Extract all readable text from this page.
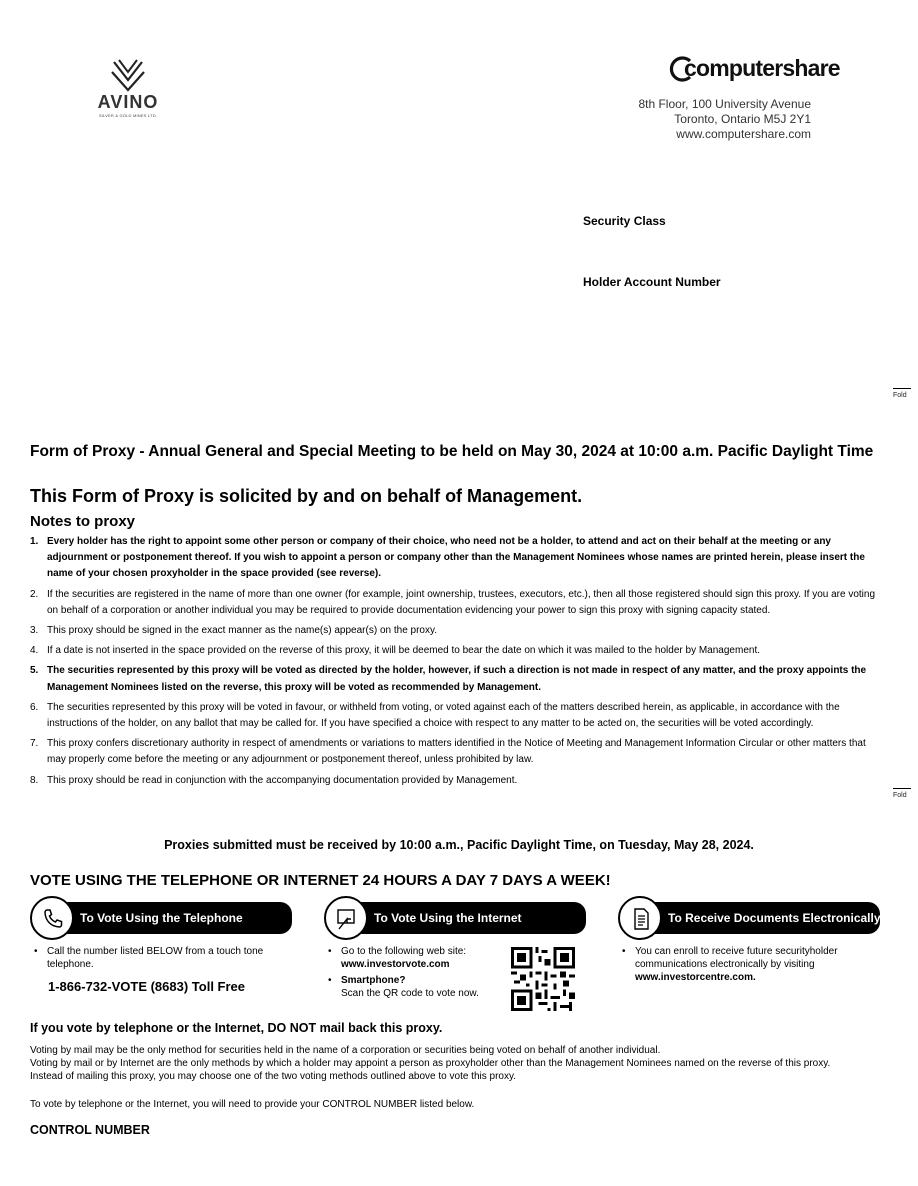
AVINO
SILVER & GOLD MINES LTD.
computershare
8th Floor, 100 University Avenue
Toronto, Ontario M5J 2Y1
www.computershare.com
Security Class
Holder Account Number
Fold
Fold
Form of Proxy - Annual General and Special Meeting to be held on May 30, 2024 at 10:00 a.m. Pacific Daylight Time
This Form of Proxy is solicited by and on behalf of Management.
Notes to proxy
1. Every holder has the right to appoint some other person or company of their choice, who need not be a holder, to attend and act on their behalf at the meeting or any adjournment or postponement thereof. If you wish to appoint a person or company other than the Management Nominees whose names are printed herein, please insert the name of your chosen proxyholder in the space provided (see reverse).
2. If the securities are registered in the name of more than one owner (for example, joint ownership, trustees, executors, etc.), then all those registered should sign this proxy. If you are voting on behalf of a corporation or another individual you may be required to provide documentation evidencing your power to sign this proxy with signing capacity stated.
3. This proxy should be signed in the exact manner as the name(s) appear(s) on the proxy.
4. If a date is not inserted in the space provided on the reverse of this proxy, it will be deemed to bear the date on which it was mailed to the holder by Management.
5. The securities represented by this proxy will be voted as directed by the holder, however, if such a direction is not made in respect of any matter, and the proxy appoints the Management Nominees listed on the reverse, this proxy will be voted as recommended by Management.
6. The securities represented by this proxy will be voted in favour, or withheld from voting, or voted against each of the matters described herein, as applicable, in accordance with the instructions of the holder, on any ballot that may be called for. If you have specified a choice with respect to any matter to be acted on, the securities will be voted accordingly.
7. This proxy confers discretionary authority in respect of amendments or variations to matters identified in the Notice of Meeting and Management Information Circular or other matters that may properly come before the meeting or any adjournment or postponement thereof, unless prohibited by law.
8. This proxy should be read in conjunction with the accompanying documentation provided by Management.
Proxies submitted must be received by 10:00 a.m., Pacific Daylight Time, on Tuesday, May 28, 2024.
VOTE USING THE TELEPHONE OR INTERNET 24 HOURS A DAY 7 DAYS A WEEK!
To Vote Using the Telephone
• Call the number listed BELOW from a touch tone telephone.
1-866-732-VOTE (8683) Toll Free
To Vote Using the Internet
• Go to the following web site:
www.investorvote.com
• Smartphone?
Scan the QR code to vote now.
To Receive Documents Electronically
• You can enroll to receive future securityholder communications electronically by visiting
www.investorcentre.com.
If you vote by telephone or the Internet, DO NOT mail back this proxy.
Voting by mail may be the only method for securities held in the name of a corporation or securities being voted on behalf of another individual.
Voting by mail or by Internet are the only methods by which a holder may appoint a person as proxyholder other than the Management Nominees named on the reverse of this proxy. Instead of mailing this proxy, you may choose one of the two voting methods outlined above to vote this proxy.
To vote by telephone or the Internet, you will need to provide your CONTROL NUMBER listed below.
CONTROL NUMBER
